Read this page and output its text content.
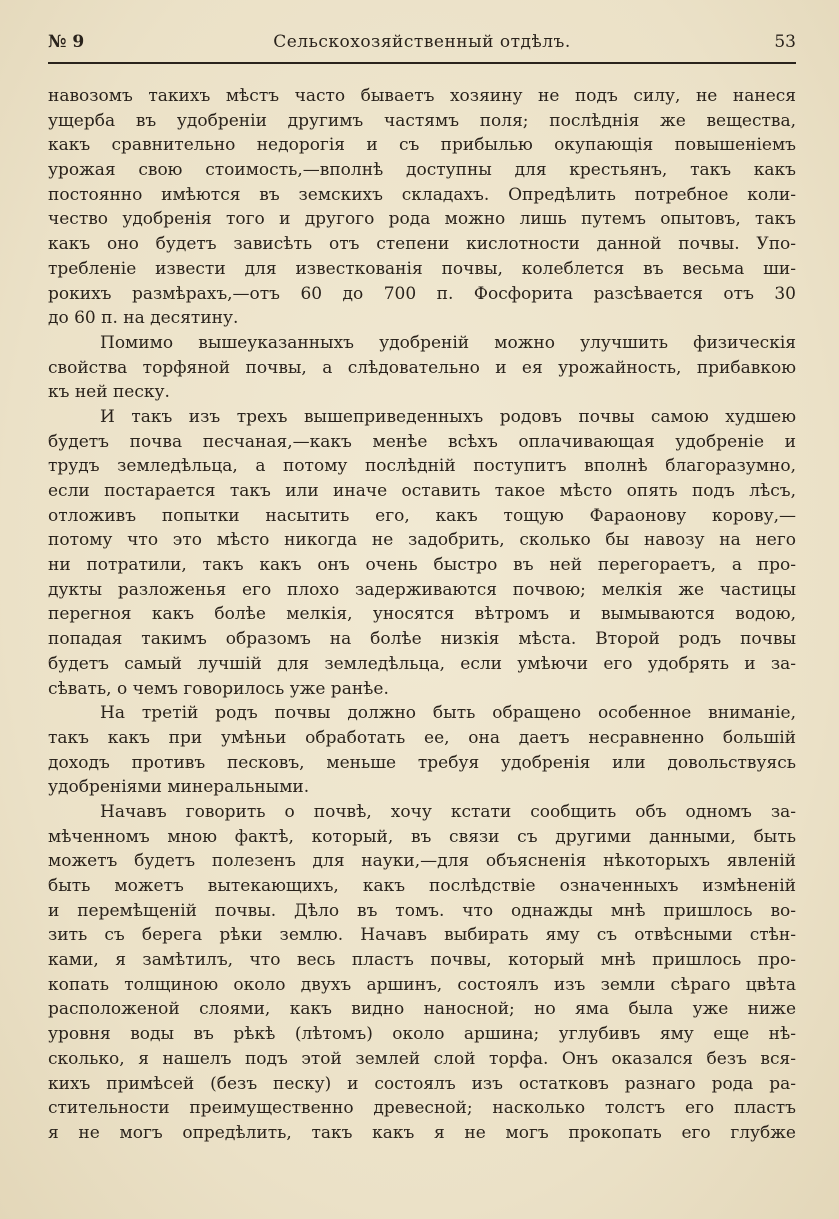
№ 9	Сельскохозяйственный отдѣлъ.	53
навозомъ такихъ мѣстъ часто бываетъ хозяину не подъ силу, не нанеся
ущерба въ удобреніи другимъ частямъ поля; послѣднія же вещества,
какъ сравнительно недорогія и съ прибылью окупающія повышеніемъ
урожая свою стоимость,—вполнѣ доступны для крестьянъ, такъ какъ
постоянно имѣются въ земскихъ складахъ. Опредѣлить потребное коли-
чество удобренія того и другого рода можно лишь путемъ опытовъ, такъ
какъ оно будетъ зависѣть отъ степени кислотности данной почвы. Упо-
требленіе извести для известкованія почвы, колеблется въ весьма ши-
рокихъ размѣрахъ,—отъ 60 до 700 п. Фосфорита разсѣвается отъ 30
до 60 п. на десятину.
Помимо вышеуказанныхъ удобреній можно улучшить физическія
свойства торфяной почвы, а слѣдовательно и ея урожайность, прибавкою
къ ней песку.
И такъ изъ трехъ вышеприведенныхъ родовъ почвы самою худшею
будетъ почва песчаная,—какъ менѣе всѣхъ оплачивающая удобреніе и
трудъ земледѣльца, а потому послѣдній поступитъ вполнѣ благоразумно,
если постарается такъ или иначе оставить такое мѣсто опять подъ лѣсъ,
отложивъ попытки насытить его, какъ тощую Фараонову корову,—
потому что это мѣсто никогда не задобрить, сколько бы навозу на него
ни потратили, такъ какъ онъ очень быстро въ ней перегораетъ, а про-
дукты разложенья его плохо задерживаются почвою; мелкія же частицы
перегноя какъ болѣе мелкія, уносятся вѣтромъ и вымываются водою,
попадая такимъ образомъ на болѣе низкія мѣста. Второй родъ почвы
будетъ самый лучшій для земледѣльца, если умѣючи его удобрять и за-
сѣвать, о чемъ говорилось уже ранѣе.
На третій родъ почвы должно быть обращено особенное вниманіе,
такъ какъ при умѣньи обработать ее, она даетъ несравненно большій
доходъ противъ песковъ, меньше требуя удобренія или довольствуясь
удобреніями минеральными.
Начавъ говорить о почвѣ, хочу кстати сообщить объ одномъ за-
мѣченномъ мною фактѣ, который, въ связи съ другими данными, быть
можетъ будетъ полезенъ для науки,—для объясненія нѣкоторыхъ явленій
быть можетъ вытекающихъ, какъ послѣдствіе означенныхъ измѣненій
и перемѣщеній почвы. Дѣло въ томъ. что однажды мнѣ пришлось во-
зить съ берега рѣки землю. Начавъ выбирать яму съ отвѣсными стѣн-
ками, я замѣтилъ, что весь пластъ почвы, который мнѣ пришлось про-
копать толщиною около двухъ аршинъ, состоялъ изъ земли сѣраго цвѣта
расположеной слоями, какъ видно наносной; но яма была уже ниже
уровня воды въ рѣкѣ (лѣтомъ) около аршина; углубивъ яму еще нѣ-
сколько, я нашелъ подъ этой землей слой торфа. Онъ оказался безъ вся-
кихъ примѣсей (безъ песку) и состоялъ изъ остатковъ разнаго рода ра-
стительности преимущественно древесной; насколько толстъ его пластъ
я не могъ опредѣлить, такъ какъ я не могъ прокопать его глубже
